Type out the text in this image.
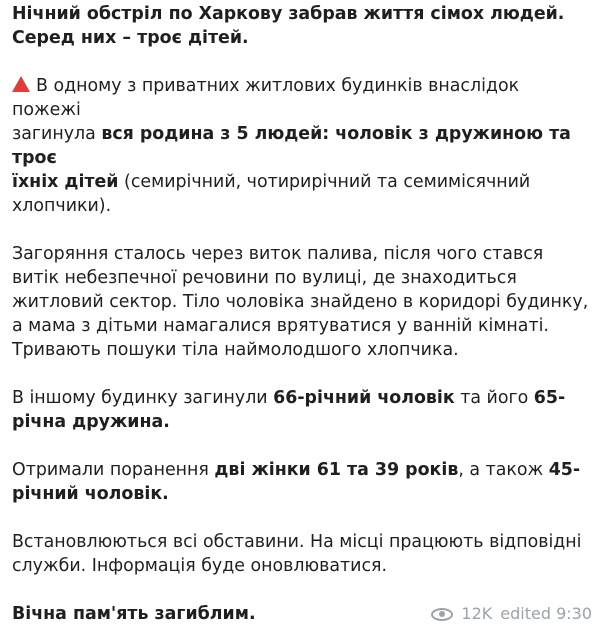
Нічний обстріл по Харкову забрав життя сімох людей.
Серед них – троє дітей.

В одному з приватних житлових будинків внаслідок пожежі
загинула вся родина з 5 людей: чоловік з дружиною та троє
їхніх дітей (семирічний, чотирирічний та семимісячний
хлопчики).

Загоряння сталось через виток палива, після чого стався
витік небезпечної речовини по вулиці, де знаходиться
житловий сектор. Тіло чоловіка знайдено в коридорі будинку,
а мама з дітьми намагалися врятуватися у ванній кімнаті.
Тривають пошуки тіла наймолодшого хлопчика.

В іншому будинку загинули 66-річний чоловік та його 65-
річна дружина.

Отримали поранення дві жінки 61 та 39 років, а також 45-
річний чоловік.

Встановлюються всі обставини. На місці працюють відповідні
служби. Інформація буде оновлюватися.

Вічна пам'ять загиблим.	12K edited 9:30
